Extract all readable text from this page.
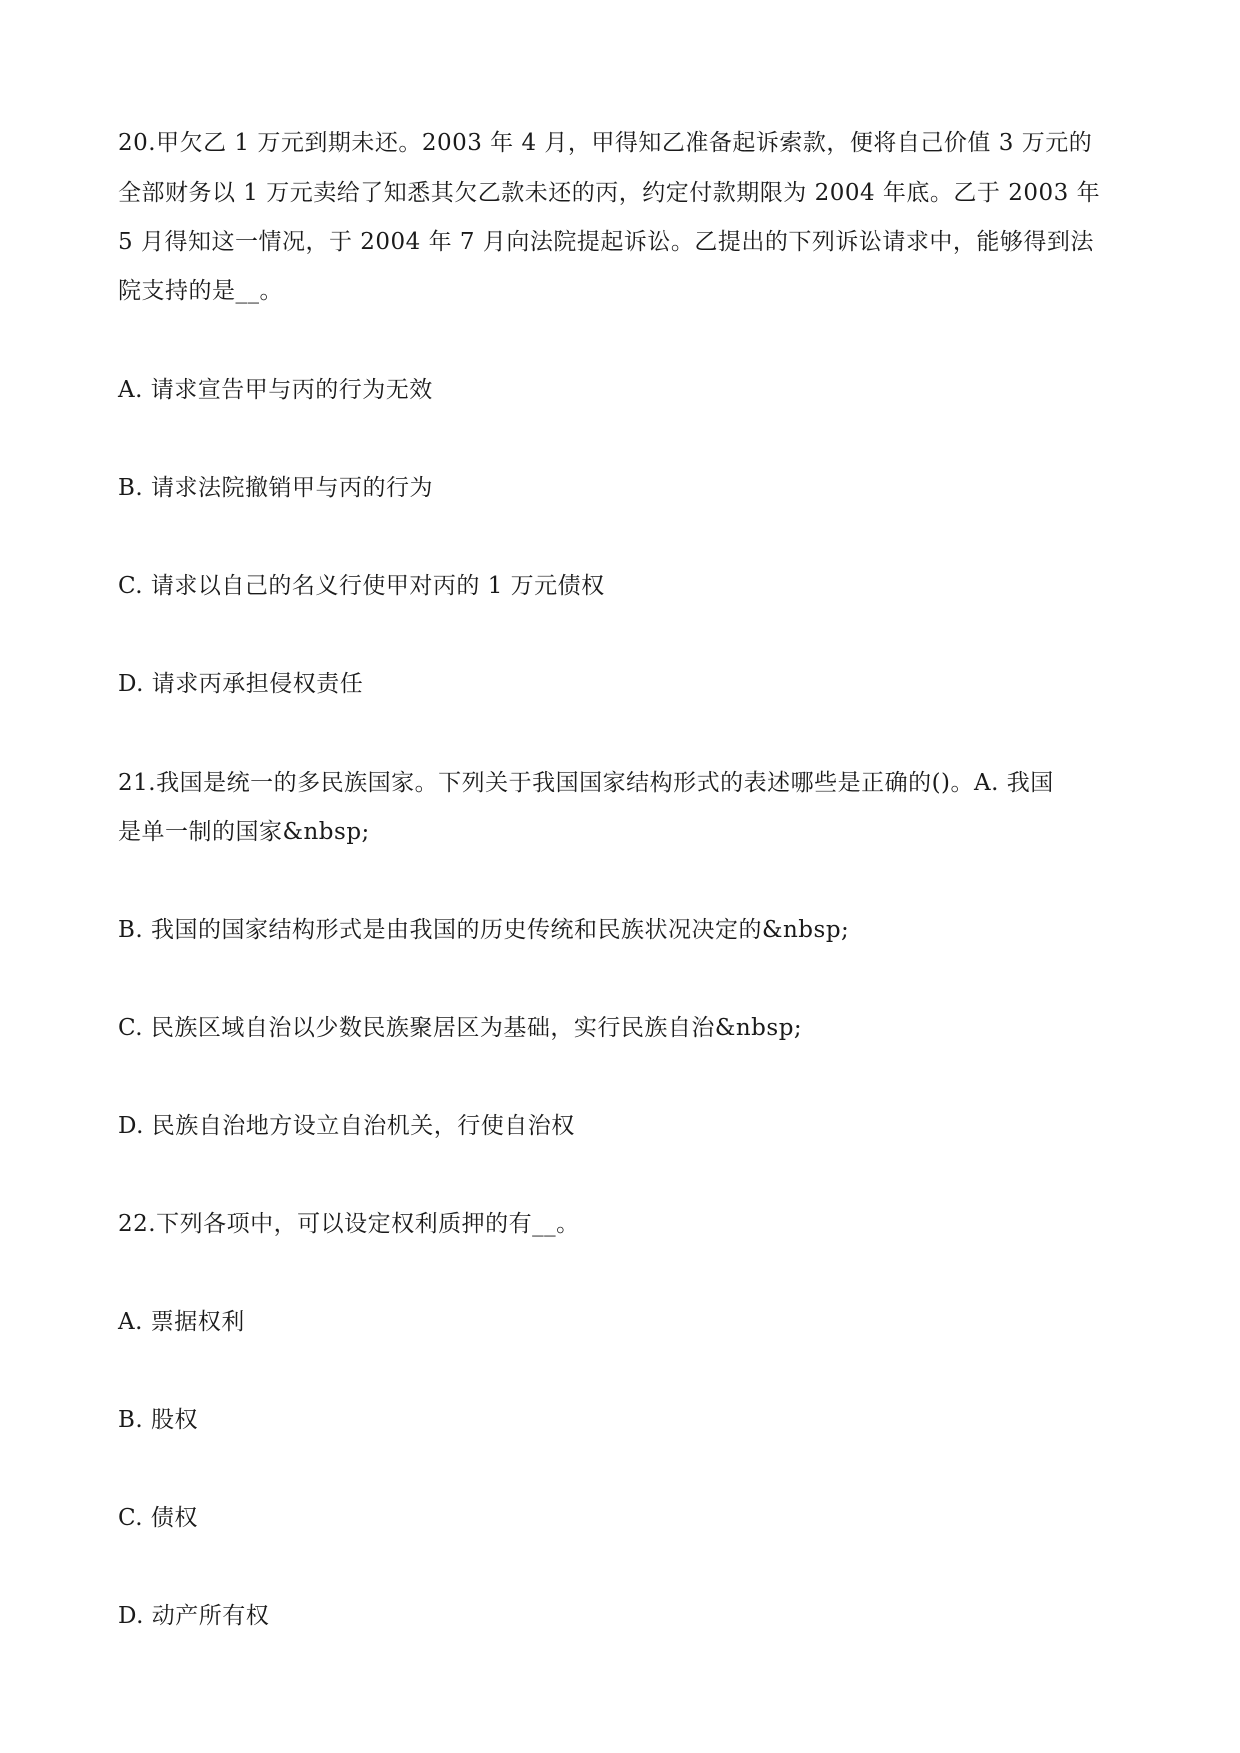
20.甲欠乙 1 万元到期未还。2003 年 4 月，甲得知乙准备起诉索款，便将自己价值 3 万元的
全部财务以 1 万元卖给了知悉其欠乙款未还的丙，约定付款期限为 2004 年底。乙于 2003 年
5 月得知这一情况，于 2004 年 7 月向法院提起诉讼。乙提出的下列诉讼请求中，能够得到法
院支持的是__。
A. 请求宣告甲与丙的行为无效
B. 请求法院撤销甲与丙的行为
C. 请求以自己的名义行使甲对丙的 1 万元债权
D. 请求丙承担侵权责任
21.我国是统一的多民族国家。下列关于我国国家结构形式的表述哪些是正确的()。A. 我国
是单一制的国家&nbsp;
B. 我国的国家结构形式是由我国的历史传统和民族状况决定的&nbsp;
C. 民族区域自治以少数民族聚居区为基础，实行民族自治&nbsp;
D. 民族自治地方设立自治机关，行使自治权
22.下列各项中，可以设定权利质押的有__。
A. 票据权利
B. 股权
C. 债权
D. 动产所有权
